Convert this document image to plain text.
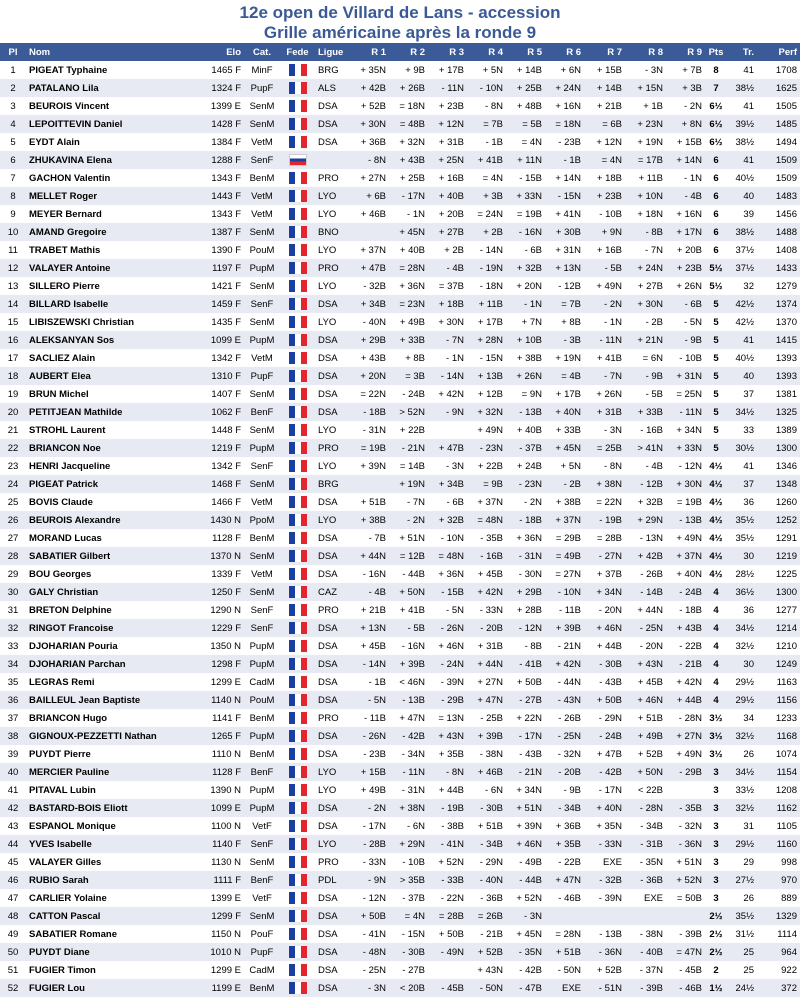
12e open de Villard de Lans - accession
Grille américaine après la ronde 9
Pl	Nom	Elo	Cat.	Fede	Ligue	R 1	R 2	R 3	R 4	R 5	R 6	R 7	R 8	R 9	Pts	Tr.	Perf
1	PIGEAT Typhaine	1465 F	MinF		BRG	+ 35N	+ 9B	+ 17B	+ 5N	+ 14B	+ 6N	+ 15B	- 3N	+ 7B	8	41	1708
2	PATALANO Lila	1324 F	PupF		ALS	+ 42B	+ 26B	- 11N	- 10N	+ 25B	+ 24N	+ 14B	+ 15N	+ 3B	7	38½	1625
3	BEUROIS Vincent	1399 E	SenM		DSA	+ 52B	= 18N	+ 23B	- 8N	+ 48B	+ 16N	+ 21B	+ 1B	- 2N	6½	41	1505
4	LEPOITTEVIN Daniel	1428 F	SenM		DSA	+ 30N	= 48B	+ 12N	= 7B	= 5B	= 18N	= 6B	+ 23N	+ 8N	6½	39½	1485
5	EYDT Alain	1384 F	VetM		DSA	+ 36B	+ 32N	+ 31B	- 1B	= 4N	- 23B	+ 12N	+ 19N	+ 15B	6½	38½	1494
6	ZHUKAVINA Elena	1288 F	SenF			- 8N	+ 43B	+ 25N	+ 41B	+ 11N	- 1B	= 4N	= 17B	+ 14N	6	41	1509
7	GACHON Valentin	1343 F	BenM		PRO	+ 27N	+ 25B	+ 16B	= 4N	- 15B	+ 14N	+ 18B	+ 11B	- 1N	6	40½	1509
8	MELLET Roger	1443 F	VetM		LYO	+ 6B	- 17N	+ 40B	+ 3B	+ 33N	- 15N	+ 23B	+ 10N	- 4B	6	40	1483
9	MEYER Bernard	1343 F	VetM		LYO	+ 46B	- 1N	+ 20B	= 24N	= 19B	+ 41N	- 10B	+ 18N	+ 16N	6	39	1456
10	AMAND Gregoire	1387 F	SenM		BNO		+ 45N	+ 27B	+ 2B	- 16N	+ 30B	+ 9N	- 8B	+ 17N	6	38½	1488
11	TRABET Mathis	1390 F	PouM		LYO	+ 37N	+ 40B	+ 2B	- 14N	- 6B	+ 31N	+ 16B	- 7N	+ 20B	6	37½	1408
12	VALAYER Antoine	1197 F	PupM		PRO	+ 47B	= 28N	- 4B	- 19N	+ 32B	+ 13N	- 5B	+ 24N	+ 23B	5½	37½	1433
13	SILLERO Pierre	1421 F	SenM		LYO	- 32B	+ 36N	= 37B	- 18N	+ 20N	- 12B	+ 49N	+ 27B	+ 26N	5½	32	1279
14	BILLARD Isabelle	1459 F	SenF		DSA	+ 34B	= 23N	+ 18B	+ 11B	- 1N	= 7B	- 2N	+ 30N	- 6B	5	42½	1374
15	LIBISZEWSKI Christian	1435 F	SenM		LYO	- 40N	+ 49B	+ 30N	+ 17B	+ 7N	+ 8B	- 1N	- 2B	- 5N	5	42½	1370
16	ALEKSANYAN Sos	1099 E	PupM		DSA	+ 29B	+ 33B	- 7N	+ 28N	+ 10B	- 3B	- 11N	+ 21N	- 9B	5	41	1415
17	SACLIEZ Alain	1342 F	VetM		DSA	+ 43B	+ 8B	- 1N	- 15N	+ 38B	+ 19N	+ 41B	= 6N	- 10B	5	40½	1393
18	AUBERT Elea	1310 F	PupF		DSA	+ 20N	= 3B	- 14N	+ 13B	+ 26N	= 4B	- 7N	- 9B	+ 31N	5	40	1393
19	BRUN Michel	1407 F	SenM		DSA	= 22N	- 24B	+ 42N	+ 12B	= 9N	+ 17B	+ 26N	- 5B	= 25N	5	37	1381
20	PETITJEAN Mathilde	1062 F	BenF		DSA	- 18B	> 52N	- 9N	+ 32N	- 13B	+ 40N	+ 31B	+ 33B	- 11N	5	34½	1325
21	STROHL Laurent	1448 F	SenM		LYO	- 31N	+ 22B		+ 49N	+ 40B	+ 33B	- 3N	- 16B	+ 34N	5	33	1389
22	BRIANCON Noe	1219 F	PupM		PRO	= 19B	- 21N	+ 47B	- 23N	- 37B	+ 45N	= 25B	> 41N	+ 33N	5	30½	1300
23	HENRI Jacqueline	1342 F	SenF		LYO	+ 39N	= 14B	- 3N	+ 22B	+ 24B	+ 5N	- 8N	- 4B	- 12N	4½	41	1346
24	PIGEAT Patrick	1468 F	SenM		BRG		+ 19N	+ 34B	= 9B	- 23N	- 2B	+ 38N	- 12B	+ 30N	4½	37	1348
25	BOVIS Claude	1466 F	VetM		DSA	+ 51B	- 7N	- 6B	+ 37N	- 2N	+ 38B	= 22N	+ 32B	= 19B	4½	36	1260
26	BEUROIS Alexandre	1430 N	PpoM		LYO	+ 38B	- 2N	+ 32B	= 48N	- 18B	+ 37N	- 19B	+ 29N	- 13B	4½	35½	1252
27	MORAND Lucas	1128 F	BenM		DSA	- 7B	+ 51N	- 10N	- 35B	+ 36N	= 29B	= 28B	- 13N	+ 49N	4½	35½	1291
28	SABATIER Gilbert	1370 N	SenM		DSA	+ 44N	= 12B	= 48N	- 16B	- 31N	= 49B	- 27N	+ 42B	+ 37N	4½	30	1219
29	BOU Georges	1339 F	VetM		DSA	- 16N	- 44B	+ 36N	+ 45B	- 30N	= 27N	+ 37B	- 26B	+ 40N	4½	28½	1225
30	GALY Christian	1250 F	SenM		CAZ	- 4B	+ 50N	- 15B	+ 42N	+ 29B	- 10N	+ 34N	- 14B	- 24B	4	36½	1300
31	BRETON Delphine	1290 N	SenF		PRO	+ 21B	+ 41B	- 5N	- 33N	+ 28B	- 11B	- 20N	+ 44N	- 18B	4	36	1277
32	RINGOT Francoise	1229 F	SenF		DSA	+ 13N	- 5B	- 26N	- 20B	- 12N	+ 39B	+ 46N	- 25N	+ 43B	4	34½	1214
33	DJOHARIAN Pouria	1350 N	PupM		DSA	+ 45B	- 16N	+ 46N	+ 31B	- 8B	- 21N	+ 44B	- 20N	- 22B	4	32½	1210
34	DJOHARIAN Parchan	1298 F	PupM		DSA	- 14N	+ 39B	- 24N	+ 44N	- 41B	+ 42N	- 30B	+ 43N	- 21B	4	30	1249
35	LEGRAS Remi	1299 E	CadM		DSA	- 1B	< 46N	- 39N	+ 27N	+ 50B	- 44N	- 43B	+ 45B	+ 42N	4	29½	1163
36	BAILLEUL Jean Baptiste	1140 N	PouM		DSA	- 5N	- 13B	- 29B	+ 47N	- 27B	- 43N	+ 50B	+ 46N	+ 44B	4	29½	1156
37	BRIANCON Hugo	1141 F	BenM		PRO	- 11B	+ 47N	= 13N	- 25B	+ 22N	- 26B	- 29N	+ 51B	- 28N	3½	34	1233
38	GIGNOUX-PEZZETTI Nathan	1265 F	PupM		DSA	- 26N	- 42B	+ 43N	+ 39B	- 17N	- 25N	- 24B	+ 49B	+ 27N	3½	32½	1168
39	PUYDT Pierre	1110 N	BenM		DSA	- 23B	- 34N	+ 35B	- 38N	- 43B	- 32N	+ 47B	+ 52B	+ 49N	3½	26	1074
40	MERCIER Pauline	1128 F	BenF		LYO	+ 15B	- 11N	- 8N	+ 46B	- 21N	- 20B	- 42B	+ 50N	- 29B	3	34½	1154
41	PITAVAL Lubin	1390 N	PupM		LYO	+ 49B	- 31N	+ 44B	- 6N	+ 34N	- 9B	- 17N	< 22B		3	33½	1208
42	BASTARD-BOIS Eliott	1099 E	PupM		DSA	- 2N	+ 38N	- 19B	- 30B	+ 51N	- 34B	+ 40N	- 28N	- 35B	3	32½	1162
43	ESPANOL Monique	1100 N	VetF		DSA	- 17N	- 6N	- 38B	+ 51B	+ 39N	+ 36B	+ 35N	- 34B	- 32N	3	31	1105
44	YVES Isabelle	1140 F	SenF		LYO	- 28B	+ 29N	- 41N	- 34B	+ 46N	+ 35B	- 33N	- 31B	- 36N	3	29½	1160
45	VALAYER Gilles	1130 N	SenM		PRO	- 33N	- 10B	+ 52N	- 29N	- 49B	- 22B	EXE	- 35N	+ 51N	3	29	998
46	RUBIO Sarah	1111 F	BenF		PDL	- 9N	> 35B	- 33B	- 40N	- 44B	+ 47N	- 32B	- 36B	+ 52N	3	27½	970
47	CARLIER Yolaine	1399 E	VetF		DSA	- 12N	- 37B	- 22N	- 36B	+ 52N	- 46B	- 39N	EXE	= 50B	3	26	889
48	CATTON Pascal	1299 F	SenM		DSA	+ 50B	= 4N	= 28B	= 26B	- 3N					2½	35½	1329
49	SABATIER Romane	1150 N	PouF		DSA	- 41N	- 15N	+ 50B	- 21B	+ 45N	= 28N	- 13B	- 38N	- 39B	2½	31½	1114
50	PUYDT Diane	1010 N	PupF		DSA	- 48N	- 30B	- 49N	+ 52B	- 35N	+ 51B	- 36N	- 40B	= 47N	2½	25	964
51	FUGIER Timon	1299 E	CadM		DSA	- 25N	- 27B		+ 43N	- 42B	- 50N	+ 52B	- 37N	- 45B	2	25	922
52	FUGIER Lou	1199 E	BenM		DSA	- 3N	< 20B	- 45B	- 50N	- 47B	EXE	- 51N	- 39B	- 46B	1½	24½	372
